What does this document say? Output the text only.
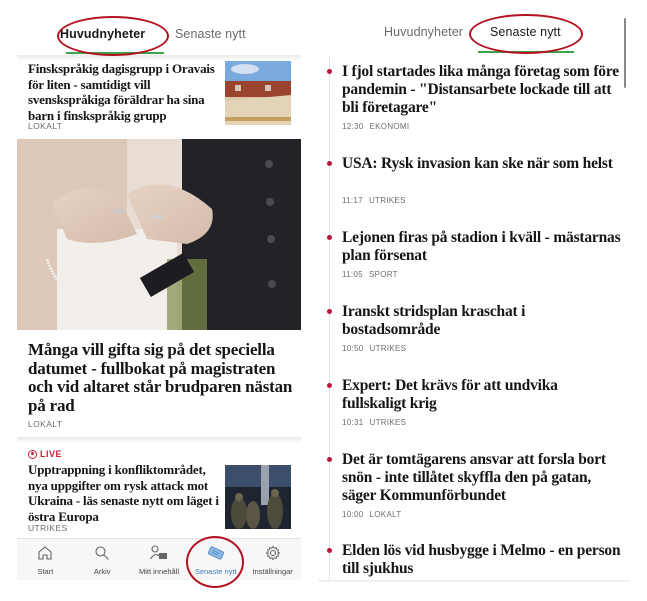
Huvudnyheter Senaste nytt
Finskspråkig dagisgrupp i Oravais för liten - samtidigt vill svenskspråkiga föräldrar ha sina barn i finskspråkig grupp
LOKALT
Många vill gifta sig på det speciella datumet - fullbokat på magistraten och vid altaret står brudparen nästan på rad
LOKALT
LIVE
Upptrappning i konfliktområdet, nya uppgifter om rysk attack mot Ukraina - läs senaste nytt om läget i östra Europa
UTRIKES
Start	Arkiv	Mitt innehåll Senaste nytt Inställningar
Huvudnyheter Senaste nytt
I fjol startades lika många företag som före pandemin - "Distansarbete lockade till att bli företagare"
12:30 EKONOMI
USA: Rysk invasion kan ske när som helst
11:17 UTRIKES
Lejonen firas på stadion i kväll - mästarnas plan försenat
11:05 SPORT
Iranskt stridsplan kraschat i bostadsområde
10:50 UTRIKES
Expert: Det krävs för att undvika fullskaligt krig
10:31 UTRIKES
Det är tomtägarens ansvar att forsla bort snön - inte tillåtet skyffla den på gatan, säger Kommunförbundet
10:00 LOKALT
Elden lös vid husbygge i Melmo - en person till sjukhus
